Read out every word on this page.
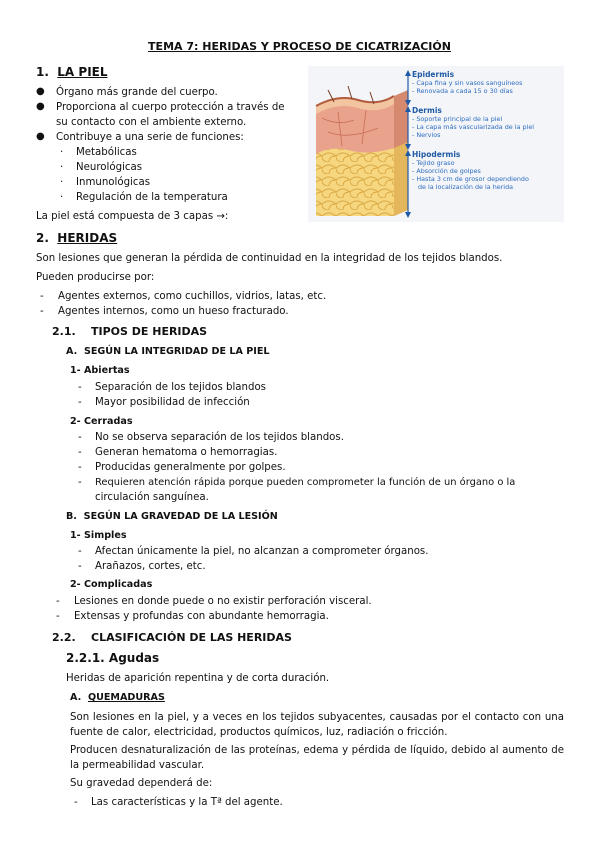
TEMA 7: HERIDAS Y PROCESO DE CICATRIZACIÓN
1. LA PIEL
● Órgano más grande del cuerpo.
● Proporciona al cuerpo protección a través de
su contacto con el ambiente externo.
● Contribuye a una serie de funciones:
· Metabólicas
· Neurológicas
· Inmunológicas
· Regulación de la temperatura
La piel está compuesta de 3 capas →:
Epidermis
- Capa fina y sin vasos sanguíneos
- Renovada a cada 15 o 30 días
Dermis
- Soporte principal de la piel
- La capa más vascularizada de la piel
- Nervios
Hipodermis
- Tejido graso
- Absorción de golpes
- Hasta 3 cm de grosor dependiendo
de la localización de la herida
2. HERIDAS
Son lesiones que generan la pérdida de continuidad en la integridad de los tejidos blandos.
Pueden producirse por:
- Agentes externos, como cuchillos, vidrios, latas, etc.
- Agentes internos, como un hueso fracturado.
2.1. TIPOS DE HERIDAS
A. SEGÚN LA INTEGRIDAD DE LA PIEL
1- Abiertas
- Separación de los tejidos blandos
- Mayor posibilidad de infección
2- Cerradas
- No se observa separación de los tejidos blandos.
- Generan hematoma o hemorragias.
- Producidas generalmente por golpes.
- Requieren atención rápida porque pueden comprometer la función de un órgano o la
circulación sanguínea.
B. SEGÚN LA GRAVEDAD DE LA LESIÓN
1- Simples
- Afectan únicamente la piel, no alcanzan a comprometer órganos.
- Arañazos, cortes, etc.
2- Complicadas
- Lesiones en donde puede o no existir perforación visceral.
- Extensas y profundas con abundante hemorragia.
2.2. CLASIFICACIÓN DE LAS HERIDAS
2.2.1. Agudas
Heridas de aparición repentina y de corta duración.
A. QUEMADURAS
Son lesiones en la piel, y a veces en los tejidos subyacentes, causadas por el contacto con una fuente de calor, electricidad, productos químicos, luz, radiación o fricción.
Producen desnaturalización de las proteínas, edema y pérdida de líquido, debido al aumento de la permeabilidad vascular.
Su gravedad dependerá de:
- Las características y la Tª del agente.
